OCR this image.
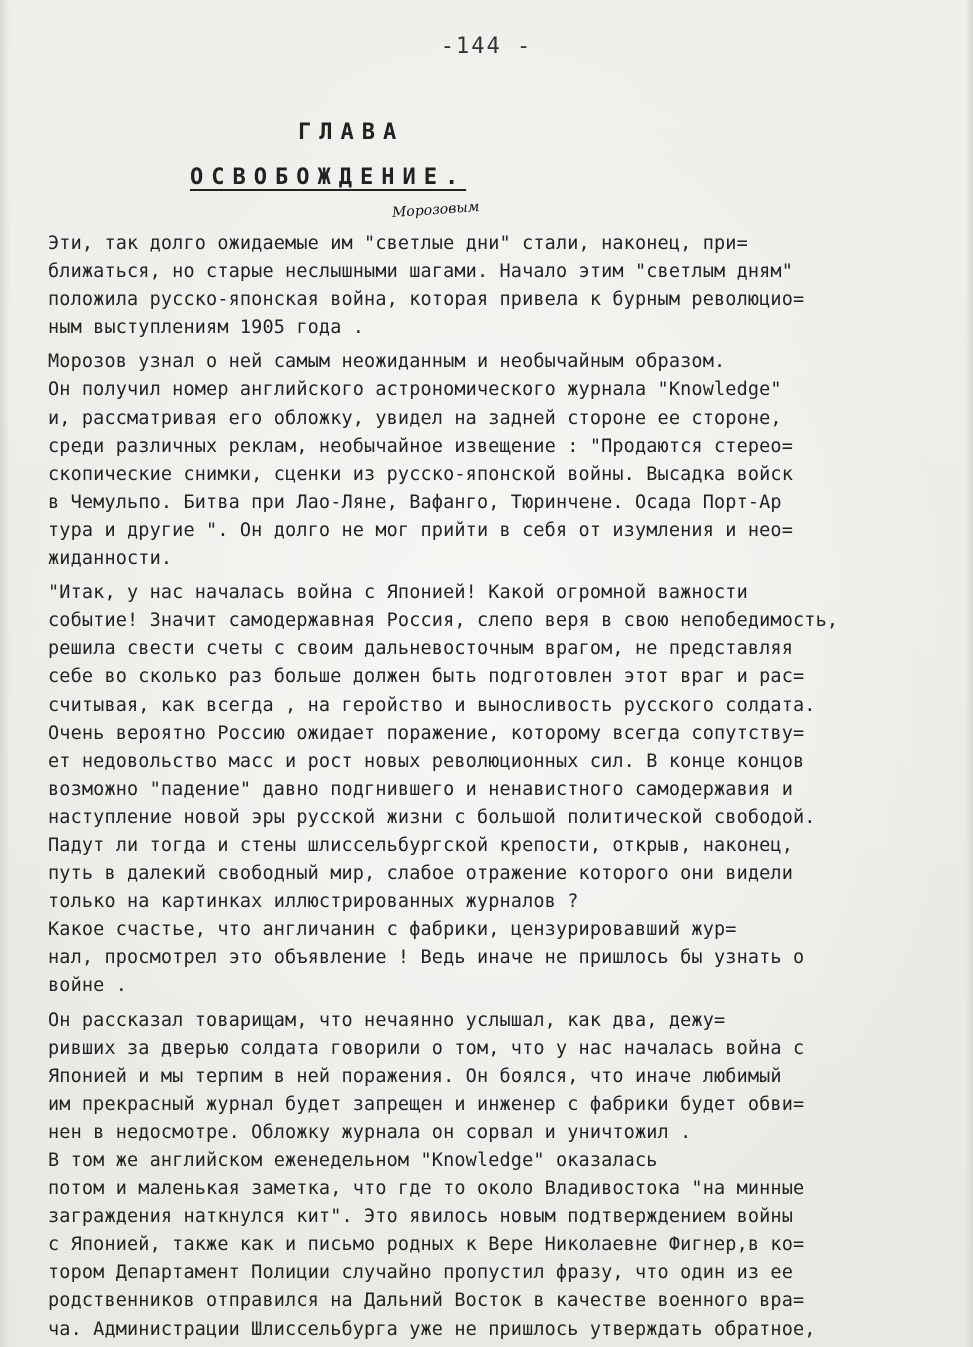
-144 -
ГЛАВА
ОСВОБОЖДЕНИЕ.
Морозовым
Эти, так долго ожидаемые им "светлые дни" стали, наконец, при=
ближаться, но старые неслышными шагами. Начало этим "светлым дням"
положила русско-японская война, которая привела к бурным революцио=
ным выступлениям 1905 года .
Морозов узнал о ней самым неожиданным и необычайным образом.
Он получил номер английского астрономического журнала "Knowledge"
и, рассматривая его обложку, увидел на задней стороне ее стороне,
среди различных реклам, необычайное извещение : "Продаются стерео=
скопические снимки, сценки из русско-японской войны. Высадка войск
в Чемульпо. Битва при Лао-Ляне, Вафанго, Тюринчене. Осада Порт-Ар
тура и другие ". Он долго не мог прийти в себя от изумления и нео=
жиданности.
"Итак, у нас началась война с Японией! Какой огромной важности
событие! Значит самодержавная Россия, слепо веря в свою непобедимость,
решила свести счеты с своим дальневосточным врагом, не представляя
себе во сколько раз больше должен быть подготовлен этот враг и рас=
считывая, как всегда , на геройство и выносливость русского солдата.
Очень вероятно Россию ожидает поражение, которому всегда сопутству=
ет недовольство масс и рост новых революционных сил. В конце концов
возможно "падение" давно подгнившего и ненавистного самодержавия и
наступление новой эры русской жизни с большой политической свободой.
Падут ли тогда и стены шлиссельбургской крепости, открыв, наконец,
путь в далекий свободный мир, слабое отражение которого они видели
только на картинках иллюстрированных журналов ?
Какое счастье, что англичанин с фабрики, цензурировавший жур=
нал, просмотрел это объявление ! Ведь иначе не пришлось бы узнать о
войне .
Он рассказал товарищам, что нечаянно услышал, как два, дежу=
ривших за дверью солдата говорили о том, что у нас началась война с
Японией и мы терпим в ней поражения. Он боялся, что иначе любимый
им прекрасный журнал будет запрещен и инженер с фабрики будет обви=
нен в недосмотре. Обложку журнала он сорвал и уничтожил .
В том же английском еженедельном "Knowledge" оказалась
потом и маленькая заметка, что где то около Владивостока "на минные
заграждения наткнулся кит". Это явилось новым подтверждением войны
с Японией, также как и письмо родных к Вере Николаевне Фигнер,в ко=
тором Департамент Полиции случайно пропустил фразу, что один из ее
родственников отправился на Дальний Восток в качестве военного вра=
ча. Администрации Шлиссельбурга уже не пришлось утверждать обратное,
